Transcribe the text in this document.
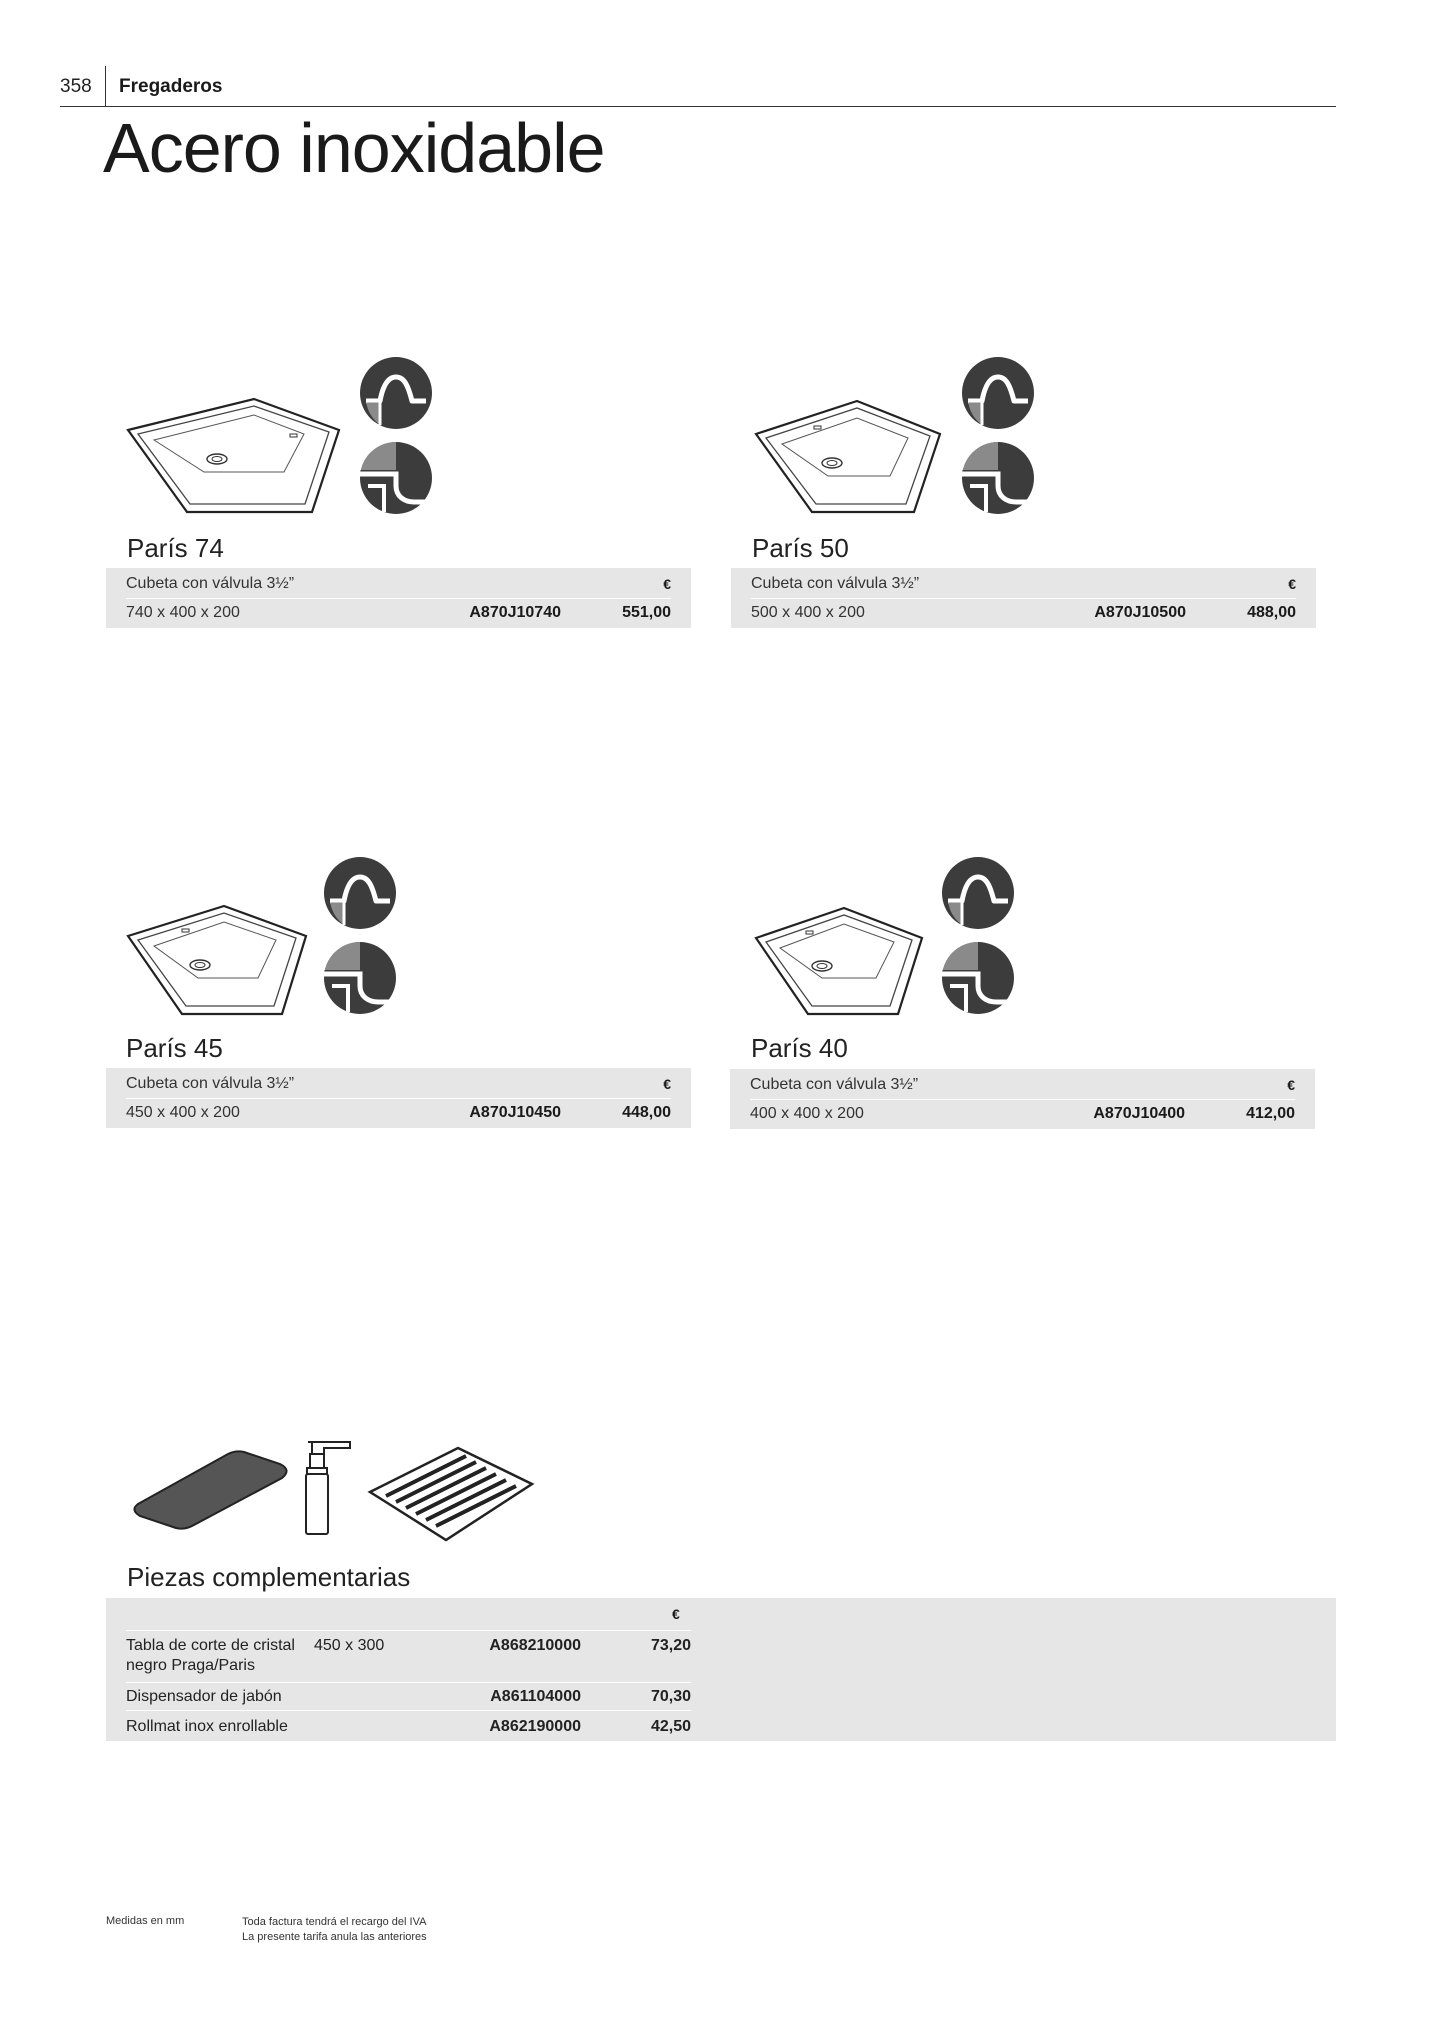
358 Fregaderos
Acero inoxidable
París 74
Cubeta con válvula 3½”	€
740 x 400 x 200	A870J10740	551,00
París 50
Cubeta con válvula 3½”	€
500 x 400 x 200	A870J10500	488,00
París 45
Cubeta con válvula 3½”	€
450 x 400 x 200	A870J10450	448,00
París 40
Cubeta con válvula 3½”	€
400 x 400 x 200	A870J10400	412,00
Piezas complementarias
Tabla de corte de cristal 450 x 300	A868210000	73,20
negro Praga/Paris
Dispensador de jabón	A861104000	70,30
Rollmat inox enrollable	A862190000	42,50
€
Medidas en mm	Toda factura tendrá el recargo del IVA
La presente tarifa anula las anteriores
